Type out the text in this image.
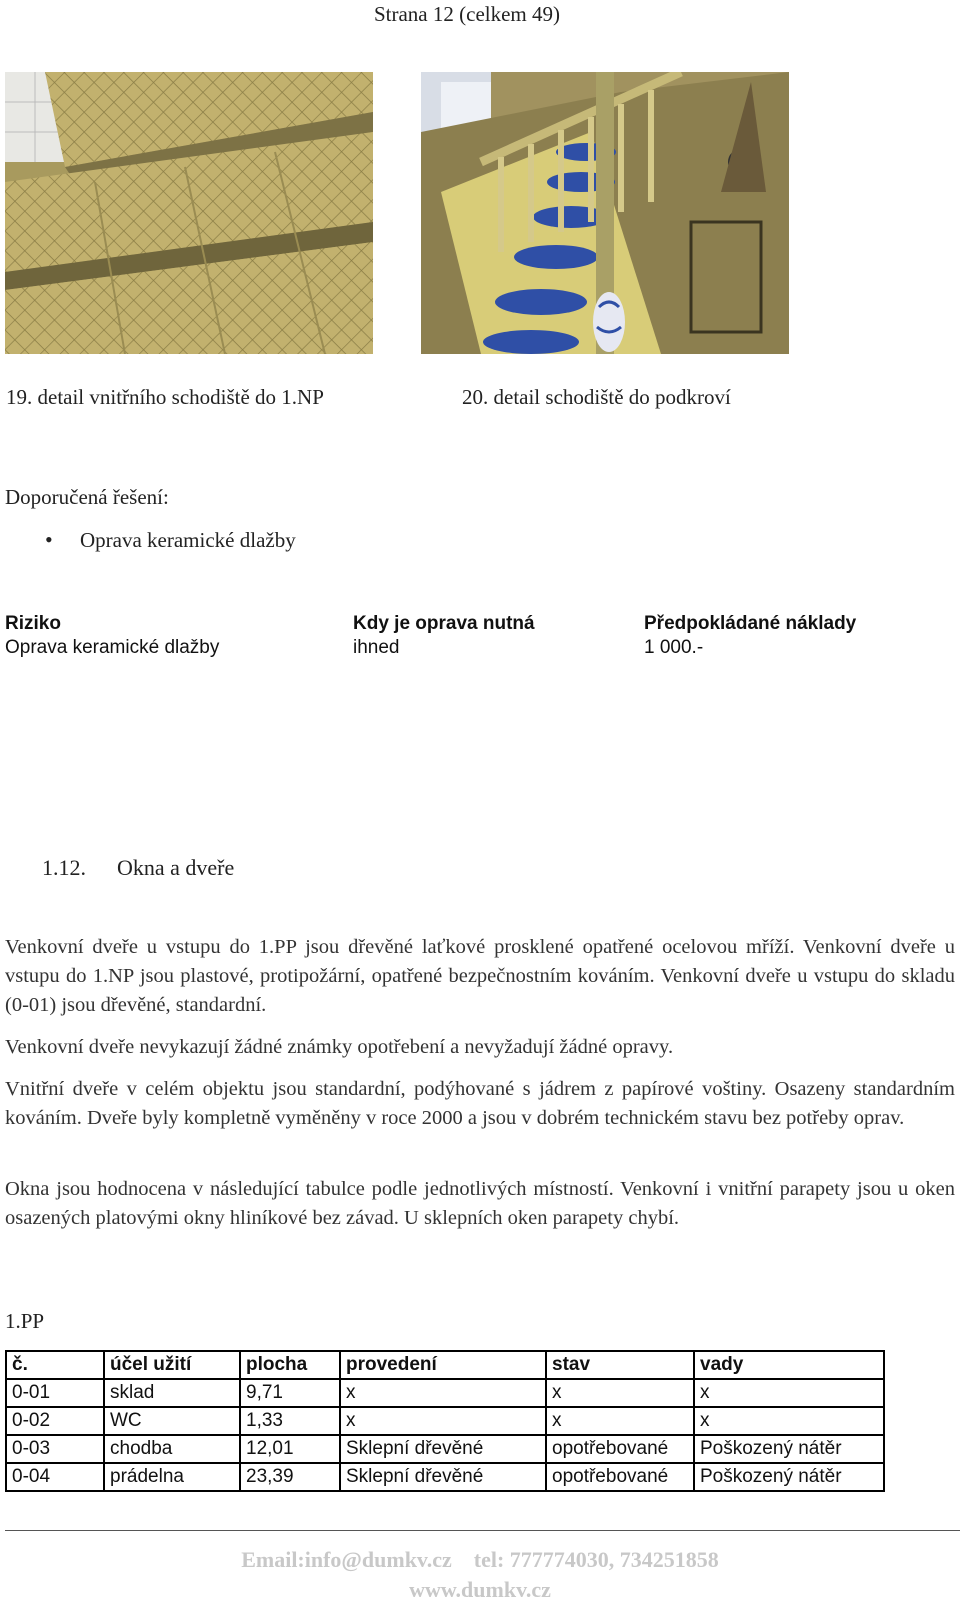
Strana 12 (celkem 49)
19. detail vnitřního schodiště do 1.NP	20. detail schodiště do podkroví
Doporučená řešení:
• Oprava keramické dlažby
Riziko	Kdy je oprava nutná	Předpokládané náklady
Oprava keramické dlažby	ihned	1 000.-
1.12. Okna a dveře

Venkovní dveře u vstupu do 1.PP jsou dřevěné laťkové prosklené opatřené ocelovou mříží. Venkovní dveře u vstupu do 1.NP jsou plastové, protipožární, opatřené bezpečnostním kováním. Venkovní dveře u vstupu do skladu (0-01) jsou dřevěné, standardní.

Venkovní dveře nevykazují žádné známky opotřebení a nevyžadují žádné opravy.

Vnitřní dveře v celém objektu jsou standardní, podýhované s jádrem z papírové voštiny. Osazeny standardním kováním. Dveře byly kompletně vyměněny v roce 2000 a jsou v dobrém technickém stavu bez potřeby oprav.

Okna jsou hodnocena v následující tabulce podle jednotlivých místností. Venkovní i vnitřní parapety jsou u oken osazených platovými okny hliníkové bez závad. U sklepních oken parapety chybí.

1.PP
č.	účel užití	plocha	provedení	stav	vady
0-01	sklad	9,71	x	x	x
0-02	WC	1,33	x	x	x
0-03	chodba	12,01	Sklepní dřevěné	opotřebované	Poškozený nátěr
0-04	prádelna	23,39	Sklepní dřevěné	opotřebované	Poškozený nátěr
Email:info@dumkv.cz    tel: 777774030, 734251858
www.dumkv.cz
